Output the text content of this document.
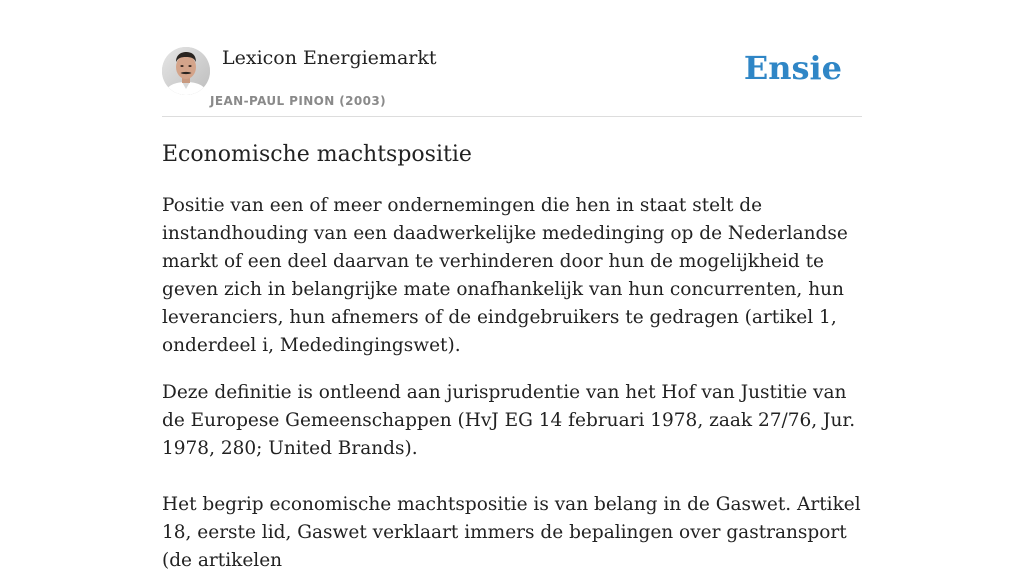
Lexicon Energiemarkt
JEAN-PAUL PINON (2003)
Ensie
Economische machtspositie

Positie van een of meer ondernemingen die hen in staat stelt de instandhouding van een daadwerkelijke mededinging op de Nederlandse markt of een deel daarvan te verhinderen door hun de mogelijkheid te geven zich in belangrijke mate onafhankelijk van hun concurrenten, hun leveranciers, hun afnemers of de eindgebruikers te gedragen (artikel 1, onderdeel i, Mededingingswet).

Deze definitie is ontleend aan jurisprudentie van het Hof van Justitie van de Europese Gemeenschappen (HvJ EG 14 februari 1978, zaak 27/76, Jur. 1978, 280; United Brands).

Het begrip economische machtspositie is van belang in de Gaswet. Artikel 18, eerste lid, Gaswet verklaart immers de bepalingen over gastransport (de artikelen
